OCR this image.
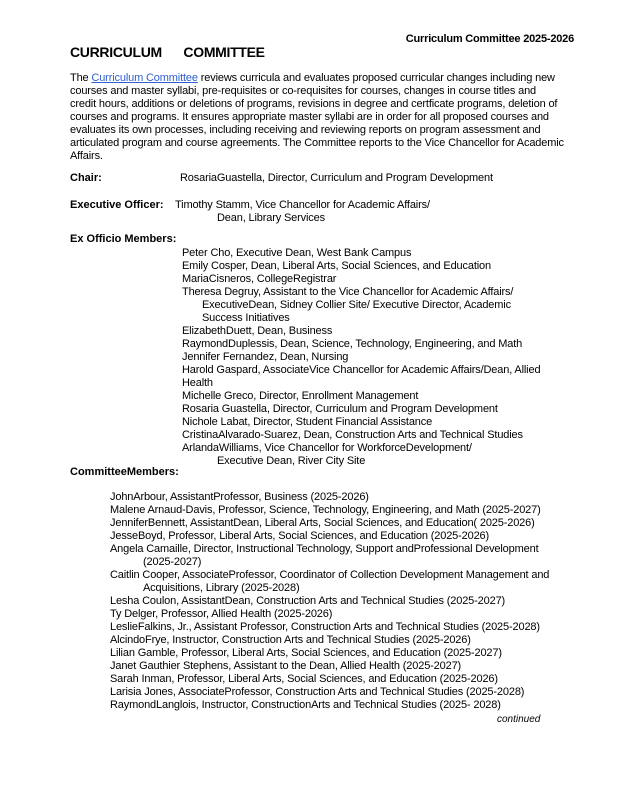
Curriculum Committee 2025-2026
CURRICULUM      COMMITTEE

The Curriculum Committee reviews curricula and evaluates proposed curricular changes including new courses and master syllabi, pre-requisites or co-requisites for courses, changes in course titles and credit hours, additions or deletions of programs, revisions in degree and certficate programs, deletion of courses and programs. It ensures appropriate master syllabi are in order for all proposed courses and evaluates its own processes, including receiving and reviewing reports on program assessment and articulated program and course agreements. The Committee reports to the Vice Chancellor for Academic Affairs.

Chair:	RosariaGuastella, Director, Curriculum and Program Development
Executive Officer:	Timothy Stamm, Vice Chancellor for Academic Affairs/
Dean, Library Services
Ex Officio Members:
Peter Cho, Executive Dean, West Bank Campus
Emily Cosper, Dean, Liberal Arts, Social Sciences, and Education
MariaCisneros, CollegeRegistrar
Theresa Degruy, Assistant to the Vice Chancellor for Academic Affairs/
ExecutiveDean, Sidney Collier Site/ Executive Director, Academic
Success Initiatives
ElizabethDuett, Dean, Business
RaymondDuplessis, Dean, Science, Technology, Engineering, and Math
Jennifer Fernandez, Dean, Nursing
Harold Gaspard, AssociateVice Chancellor for Academic Affairs/Dean, Allied
Health
Michelle Greco, Director, Enrollment Management
Rosaria Guastella, Director, Curriculum and Program Development
Nichole Labat, Director, Student Financial Assistance
CristinaAlvarado-Suarez, Dean, Construction Arts and Technical Studies
ArlandaWilliams, Vice Chancellor for WorkforceDevelopment/
Executive Dean, River City Site
CommitteeMembers:
JohnArbour, AssistantProfessor, Business (2025-2026)
Malene Arnaud-Davis, Professor, Science, Technology, Engineering, and Math (2025-2027)
JenniferBennett, AssistantDean, Liberal Arts, Social Sciences, and Education( 2025-2026)
JesseBoyd, Professor, Liberal Arts, Social Sciences, and Education (2025-2026)
Angela Camaille, Director, Instructional Technology, Support andProfessional Development
(2025-2027)
Caitlin Cooper, AssociateProfessor, Coordinator of Collection Development Management and
Acquisitions, Library (2025-2028)
Lesha Coulon, AssistantDean, Construction Arts and Technical Studies (2025-2027)
Ty Delger, Professor, Allied Health (2025-2026)
LeslieFalkins, Jr., Assistant Professor, Construction Arts and Technical Studies (2025-2028)
AlcindoFrye, Instructor, Construction Arts and Technical Studies (2025-2026)
Lilian Gamble, Professor, Liberal Arts, Social Sciences, and Education (2025-2027)
Janet Gauthier Stephens, Assistant to the Dean, Allied Health (2025-2027)
Sarah Inman, Professor, Liberal Arts, Social Sciences, and Education (2025-2026)
Larisia Jones, AssociateProfessor, Construction Arts and Technical Studies (2025-2028)
RaymondLanglois, Instructor, ConstructionArts and Technical Studies (2025- 2028)
continued
